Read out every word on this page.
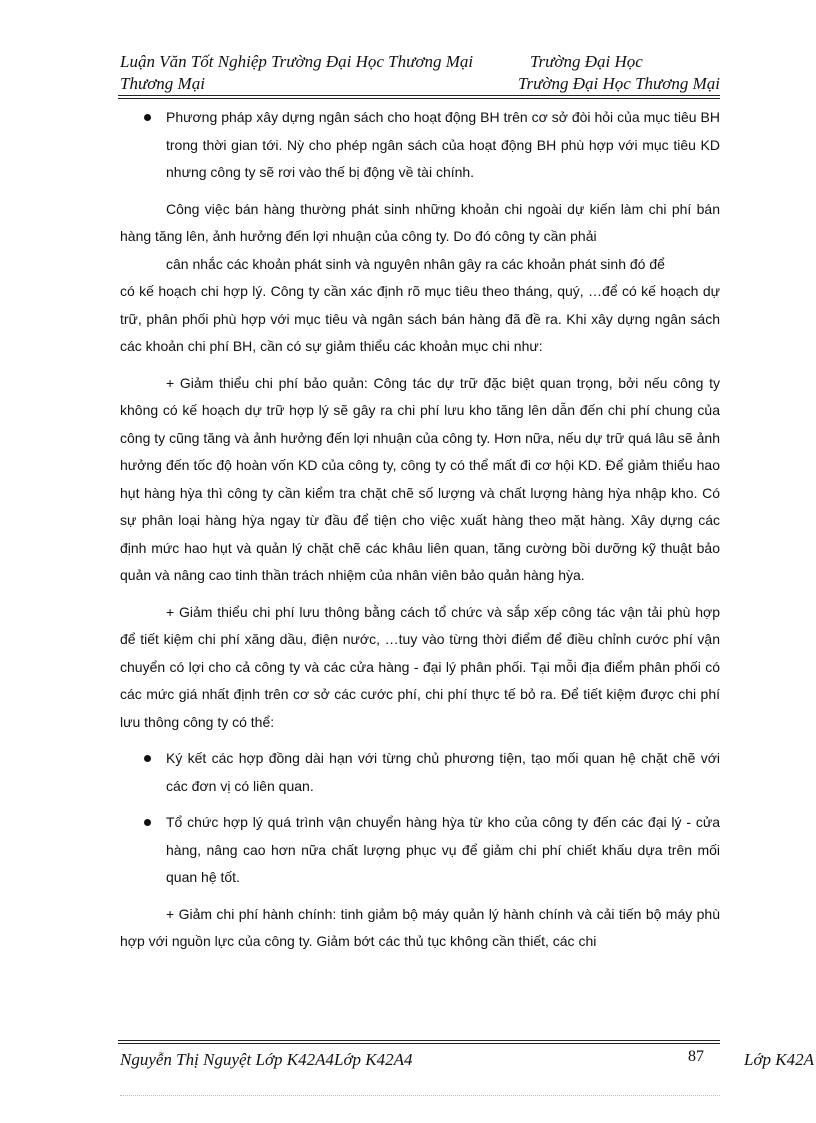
Luận Văn Tốt Nghiệp Trường Đại Học Thương Mại	Trường Đại Học
Thương Mại	Trường Đại Học Thương Mại
Phương pháp xây dựng ngân sách cho hoạt động BH trên cơ sở đòi hỏi của mục tiêu BH trong thời gian tới. Nỳ cho phép ngân sách của hoạt động BH phù hợp với mục tiêu KD nhưng công ty sẽ rơi vào thế bị động về tài chính.

Công việc bán hàng thường phát sinh những khoản chi ngoài dự kiến làm chi phí bán hàng tăng lên, ảnh hưởng đến lợi nhuận của công ty. Do đó công ty cần phải

cân nhắc các khoản phát sinh và nguyên nhân gây ra các khoản phát sinh đó để

có kế hoạch chi hợp lý. Công ty cần xác định rõ mục tiêu theo tháng, quý, …để có kế hoạch dự trữ, phân phối phù hợp với mục tiêu và ngân sách bán hàng đã đề ra. Khi xây dựng ngân sách các khoản chi phí BH, cần có sự giảm thiểu các khoản mục chi như:

+ Giảm thiểu chi phí bảo quản: Công tác dự trữ đặc biệt quan trọng, bởi nếu công ty không có kế hoạch dự trữ hợp lý sẽ gây ra chi phí lưu kho tăng lên dẫn đến chi phí chung của công ty cũng tăng và ảnh hưởng đến lợi nhuận của công ty. Hơn nữa, nếu dự trữ quá lâu sẽ ảnh hưởng đến tốc độ hoàn vốn KD của công ty, công ty có thể mất đi cơ hội KD. Để giảm thiểu hao hụt hàng hỳa thì công ty cần kiểm tra chặt chẽ số lượng và chất lượng hàng hỳa nhập kho. Có sự phân loại hàng hỳa ngay từ đầu để tiện cho việc xuất hàng theo mặt hàng. Xây dựng các định mức hao hụt và quản lý chặt chẽ các khâu liên quan, tăng cường bồi dưỡng kỹ thuật bảo quản và nâng cao tinh thần trách nhiệm của nhân viên bảo quản hàng hỳa.

+ Giảm thiểu chi phí lưu thông bằng cách tổ chức và sắp xếp công tác vận tải phù hợp để tiết kiệm chi phí xăng dầu, điện nước, …tuy vào từng thời điểm để điều chỉnh cước phí vận chuyển có lợi cho cả công ty và các cửa hàng - đại lý phân phối. Tại mỗi địa điểm phân phối có các mức giá nhất định trên cơ sở các cước phí, chi phí thực tế bỏ ra. Để tiết kiệm được chi phí lưu thông công ty có thể:

Ký kết các hợp đồng dài hạn với từng chủ phương tiện, tạo mối quan hệ chặt chẽ với các đơn vị có liên quan.
Tổ chức hợp lý quá trình vận chuyển hàng hỳa từ kho của công ty đến các đại lý - cửa hàng, nâng cao hơn nữa chất lượng phục vụ để giảm chi phí chiết khấu dựa trên mối quan hệ tốt.

+ Giảm chi phí hành chính: tinh giảm bộ máy quản lý hành chính và cải tiến bộ máy phù hợp với nguồn lực của công ty. Giảm bớt các thủ tục không cần thiết, các chi

Nguyễn Thị Nguyệt Lớp K42A4Lớp K42A4	87 Lớp K42A
